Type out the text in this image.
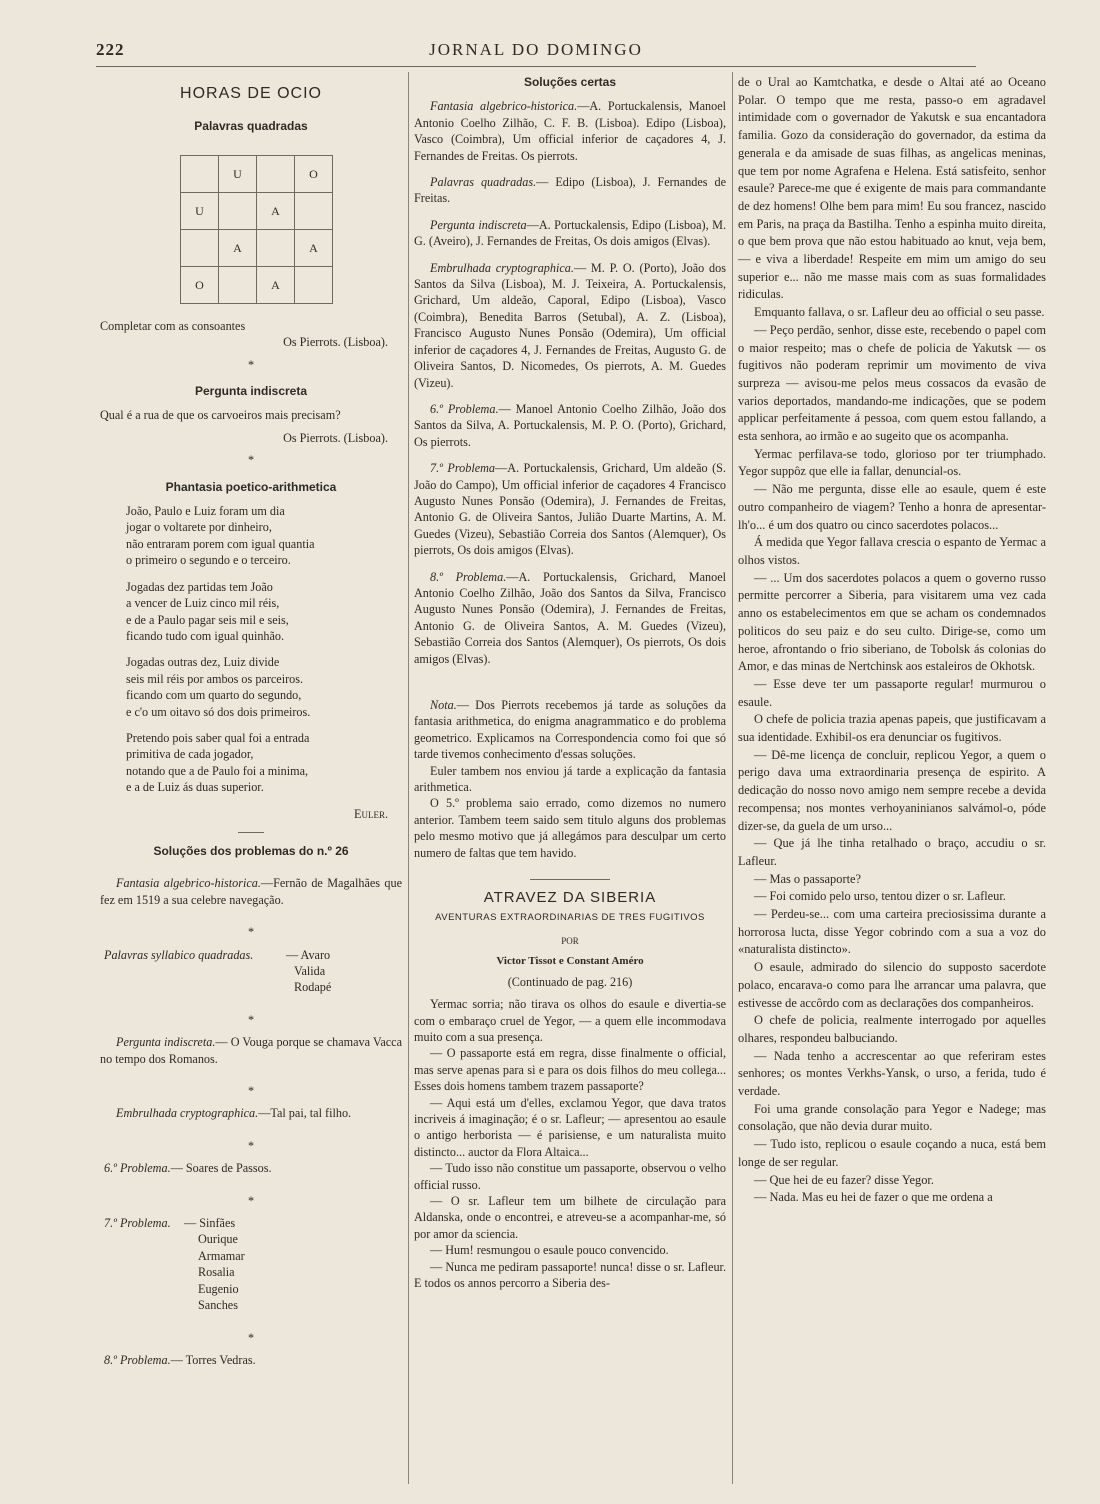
222	JORNAL DO DOMINGO
HORAS DE OCIO
Palavras quadradas
	U		O
U		A	
	A		A
O		A	

Completar com as consoantes

Os Pierrots. (Lisboa).

*
Pergunta indiscreta

Qual é a rua de que os carvoeiros mais precisam?

Os Pierrots. (Lisboa).

*
Phantasia poetico-arithmetica

João, Paulo e Luiz foram um dia

jogar o voltarete por dinheiro,

não entraram porem com igual quantia

o primeiro o segundo e o terceiro.

Jogadas dez partidas tem João

a vencer de Luiz cinco mil réis,

e de a Paulo pagar seis mil e seis,

ficando tudo com igual quinhão.

Jogadas outras dez, Luiz divide

seis mil réis por ambos os parceiros.

ficando com um quarto do segundo,

e c'o um oitavo só dos dois primeiros.

Pretendo pois saber qual foi a entrada

primitiva de cada jogador,

notando que a de Paulo foi a minima,

e a de Luiz ás duas superior.

Euler.

Soluções dos problemas do n.º 26

Fantasia algebrico-historica.—Fernão de Magalhães que fez em 1519 a sua celebre navegação.

*
Palavras syllabico quadradas.	— Avaro

Valida

Rodapé

*

Pergunta indiscreta.— O Vouga porque se chamava Vacca no tempo dos Romanos.

*

Embrulhada cryptographica.—Tal pai, tal filho.

*

6.º Problema.— Soares de Passos.

*
7.º Problema.	— Sinfães

Ourique

Armamar

Rosalia

Eugenio

Sanches

*

8.º Problema.— Torres Vedras.

Soluções certas

Fantasia algebrico-historica.—A. Portuckalensis, Manoel Antonio Coelho Zilhão, C. F. B. (Lisboa). Edipo (Lisboa), Vasco (Coimbra), Um official inferior de caçadores 4, J. Fernandes de Freitas. Os pierrots.

Palavras quadradas.— Edipo (Lisboa), J. Fernandes de Freitas.

Pergunta indiscreta—A. Portuckalensis, Edipo (Lisboa), M. G. (Aveiro), J. Fernandes de Freitas, Os dois amigos (Elvas).

Embrulhada cryptographica.— M. P. O. (Porto), João dos Santos da Silva (Lisboa), M. J. Teixeira, A. Portuckalensis, Grichard, Um aldeão, Caporal, Edipo (Lisboa), Vasco (Coimbra), Benedita Barros (Setubal), A. Z. (Lisboa), Francisco Augusto Nunes Ponsão (Odemira), Um official inferior de caçadores 4, J. Fernandes de Freitas, Augusto G. de Oliveira Santos, D. Nicomedes, Os pierrots, A. M. Guedes (Vizeu).

6.º Problema.— Manoel Antonio Coelho Zilhão, João dos Santos da Silva, A. Portuckalensis, M. P. O. (Porto), Grichard, Os pierrots.

7.º Problema—A. Portuckalensis, Grichard, Um aldeão (S. João do Campo), Um official inferior de caçadores 4 Francisco Augusto Nunes Ponsão (Odemira), J. Fernandes de Freitas, Antonio G. de Oliveira Santos, Julião Duarte Martins, A. M. Guedes (Vizeu), Sebastião Correia dos Santos (Alemquer), Os pierrots, Os dois amigos (Elvas).

8.º Problema.—A. Portuckalensis, Grichard, Manoel Antonio Coelho Zilhão, João dos Santos da Silva, Francisco Augusto Nunes Ponsão (Odemira), J. Fernandes de Freitas, Antonio G. de Oliveira Santos, A. M. Guedes (Vizeu), Sebastião Correia dos Santos (Alemquer), Os pierrots, Os dois amigos (Elvas).

Nota.— Dos Pierrots recebemos já tarde as soluções da fantasia arithmetica, do enigma anagrammatico e do problema geometrico. Explicamos na Correspondencia como foi que só tarde tivemos conhecimento d'essas soluções.

Euler tambem nos enviou já tarde a explicação da fantasia arithmetica.

O 5.º problema saio errado, como dizemos no numero anterior. Tambem teem saido sem titulo alguns dos problemas pelo mesmo motivo que já allegámos para desculpar um certo numero de faltas que tem havido.

ATRAVEZ DA SIBERIA
AVENTURAS EXTRAORDINARIAS DE TRES FUGITIVOS
POR
Victor Tissot e Constant Améro
(Continuado de pag. 216)

Yermac sorria; não tirava os olhos do esaule e divertia-se com o embaraço cruel de Yegor, — a quem elle incommodava muito com a sua presença.

— O passaporte está em regra, disse finalmente o official, mas serve apenas para si e para os dois filhos do meu collega... Esses dois homens tambem trazem passaporte?

— Aqui está um d'elles, exclamou Yegor, que dava tratos incriveis á imaginação; é o sr. Lafleur; — apresentou ao esaule o antigo herborista — é parisiense, e um naturalista muito distincto... auctor da Flora Altaica...

— Tudo isso não constitue um passaporte, observou o velho official russo.

— O sr. Lafleur tem um bilhete de circulação para Aldanska, onde o encontrei, e atreveu-se a acompanhar-me, só por amor da sciencia.

— Hum! resmungou o esaule pouco convencido.

— Nunca me pediram passaporte! nunca! disse o sr. Lafleur. E todos os annos percorro a Siberia des-

de o Ural ao Kamtchatka, e desde o Altai até ao Oceano Polar. O tempo que me resta, passo-o em agradavel intimidade com o governador de Yakutsk e sua encantadora familia. Gozo da consideração do governador, da estima da generala e da amisade de suas filhas, as angelicas meninas, que tem por nome Agrafena e Helena. Está satisfeito, senhor esaule? Parece-me que é exigente de mais para commandante de dez homens! Olhe bem para mim! Eu sou francez, nascido em Paris, na praça da Bastilha. Tenho a espinha muito direita, o que bem prova que não estou habituado ao knut, veja bem, — e viva a liberdade! Respeite em mim um amigo do seu superior e... não me masse mais com as suas formalidades ridiculas.

Emquanto fallava, o sr. Lafleur deu ao official o seu passe.

— Peço perdão, senhor, disse este, recebendo o papel com o maior respeito; mas o chefe de policia de Yakutsk — os fugitivos não poderam reprimir um movimento de viva surpreza — avisou-me pelos meus cossacos da evasão de varios deportados, mandando-me indicações, que se podem applicar perfeitamente á pessoa, com quem estou fallando, a esta senhora, ao irmão e ao sugeito que os acompanha.

Yermac perfilava-se todo, glorioso por ter triumphado. Yegor suppôz que elle ia fallar, denuncial-os.

— Não me pergunta, disse elle ao esaule, quem é este outro companheiro de viagem? Tenho a honra de apresentar-lh'o... é um dos quatro ou cinco sacerdotes polacos...

Á medida que Yegor fallava crescia o espanto de Yermac a olhos vistos.

— ... Um dos sacerdotes polacos a quem o governo russo permitte percorrer a Siberia, para visitarem uma vez cada anno os estabelecimentos em que se acham os condemnados politicos do seu paiz e do seu culto. Dirige-se, como um heroe, afrontando o frio siberiano, de Tobolsk ás colonias do Amor, e das minas de Nertchinsk aos estaleiros de Okhotsk.

— Esse deve ter um passaporte regular! murmurou o esaule.

O chefe de policia trazia apenas papeis, que justificavam a sua identidade. Exhibil-os era denunciar os fugitivos.

— Dê-me licença de concluir, replicou Yegor, a quem o perigo dava uma extraordinaria presença de espirito. A dedicação do nosso novo amigo nem sempre recebe a devida recompensa; nos montes verhoyaninianos salvámol-o, póde dizer-se, da guela de um urso...

— Que já lhe tinha retalhado o braço, accudiu o sr. Lafleur.

— Mas o passaporte?

— Foi comido pelo urso, tentou dizer o sr. Lafleur.

— Perdeu-se... com uma carteira preciosissima durante a horrorosa lucta, disse Yegor cobrindo com a sua a voz do «naturalista distincto».

O esaule, admirado do silencio do supposto sacerdote polaco, encarava-o como para lhe arrancar uma palavra, que estivesse de accôrdo com as declarações dos companheiros.

O chefe de policia, realmente interrogado por aquelles olhares, respondeu balbuciando.

— Nada tenho a accrescentar ao que referiram estes senhores; os montes Verkhs-Yansk, o urso, a ferida, tudo é verdade.

Foi uma grande consolação para Yegor e Nadege; mas consolação, que não devia durar muito.

— Tudo isto, replicou o esaule coçando a nuca, está bem longe de ser regular.

— Que hei de eu fazer? disse Yegor.

— Nada. Mas eu hei de fazer o que me ordena a
